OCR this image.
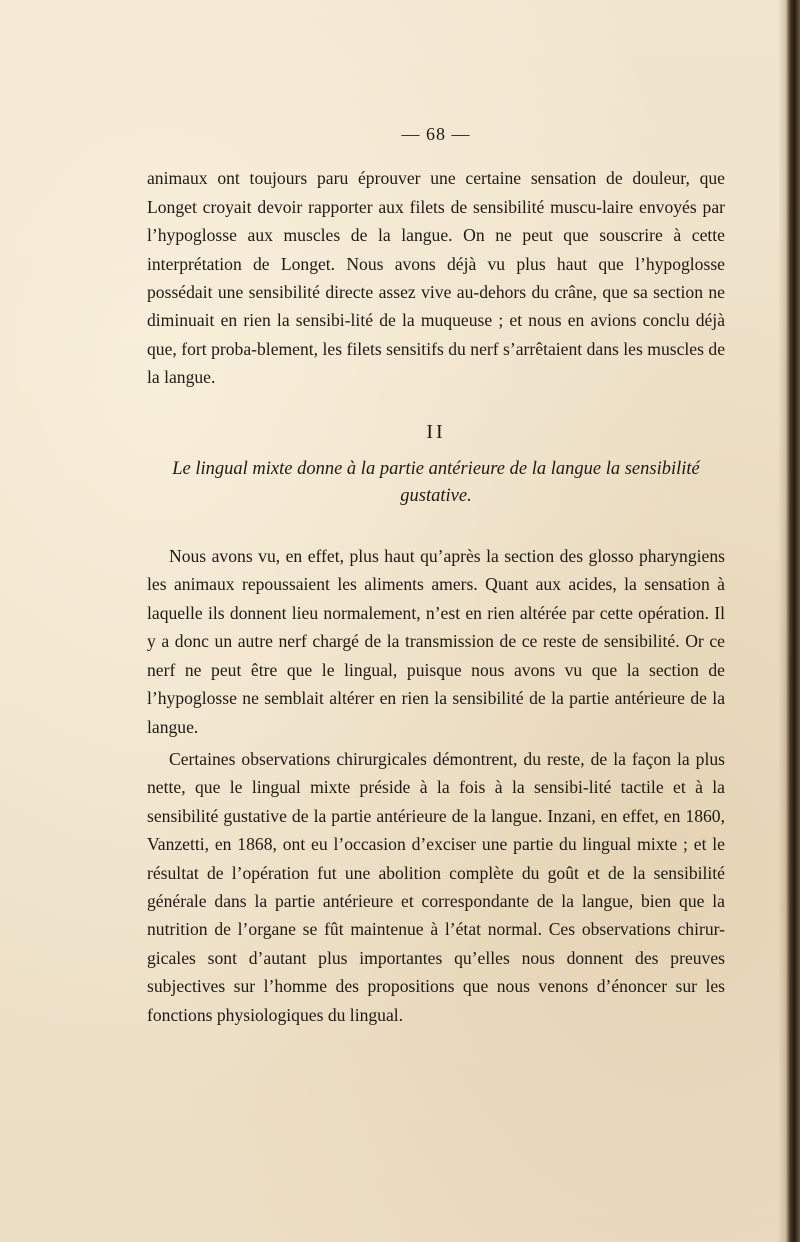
— 68 —

animaux ont toujours paru éprouver une certaine sensation de douleur, que Longet croyait devoir rapporter aux filets de sensibilité muscu-laire envoyés par l’hypoglosse aux muscles de la langue. On ne peut que souscrire à cette interprétation de Longet. Nous avons déjà vu plus haut que l’hypoglosse possédait une sensibilité directe assez vive au-dehors du crâne, que sa section ne diminuait en rien la sensibi-lité de la muqueuse ; et nous en avions conclu déjà que, fort proba-blement, les filets sensitifs du nerf s’arrêtaient dans les muscles de la langue.

II
Le lingual mixte donne à la partie antérieure de la langue la sensibilité gustative.

Nous avons vu, en effet, plus haut qu’après la section des glosso pharyngiens les animaux repoussaient les aliments amers. Quant aux acides, la sensation à laquelle ils donnent lieu normalement, n’est en rien altérée par cette opération. Il y a donc un autre nerf chargé de la transmission de ce reste de sensibilité. Or ce nerf ne peut être que le lingual, puisque nous avons vu que la section de l’hypoglosse ne semblait altérer en rien la sensibilité de la partie antérieure de la langue.

Certaines observations chirurgicales démontrent, du reste, de la façon la plus nette, que le lingual mixte préside à la fois à la sensibi-lité tactile et à la sensibilité gustative de la partie antérieure de la langue. Inzani, en effet, en 1860, Vanzetti, en 1868, ont eu l’occasion d’exciser une partie du lingual mixte ; et le résultat de l’opération fut une abolition complète du goût et de la sensibilité générale dans la partie antérieure et correspondante de la langue, bien que la nutrition de l’organe se fût maintenue à l’état normal. Ces observations chirur-gicales sont d’autant plus importantes qu’elles nous donnent des preuves subjectives sur l’homme des propositions que nous venons d’énoncer sur les fonctions physiologiques du lingual.
